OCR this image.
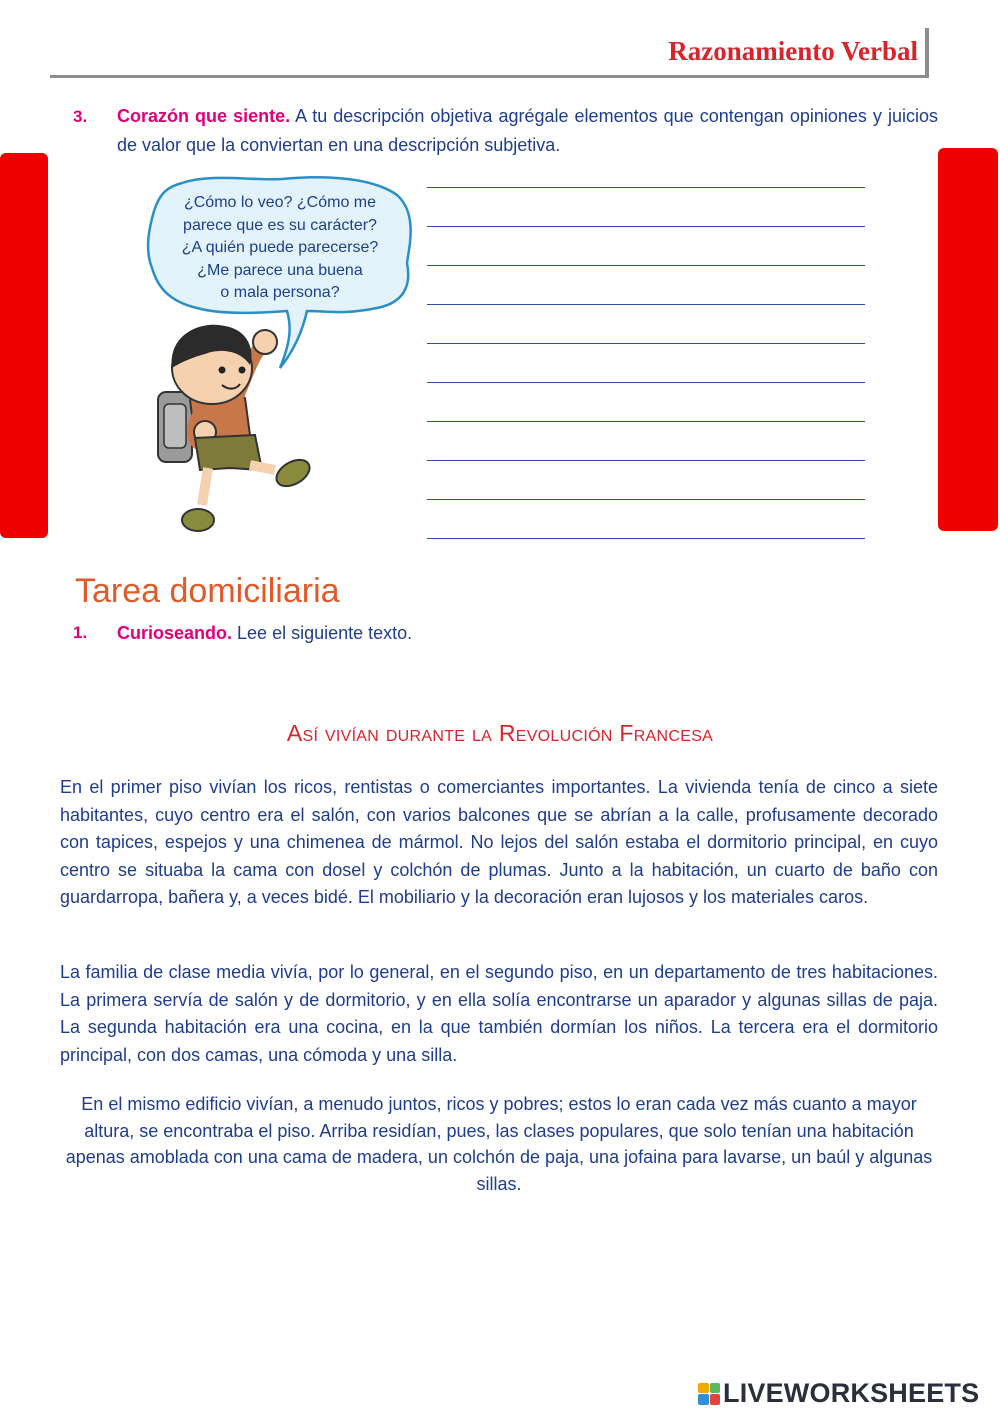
Razonamiento Verbal
3. Corazón que siente. A tu descripción objetiva agrégale elementos que contengan opiniones y juicios de valor que la conviertan en una descripción subjetiva.
¿Cómo lo veo? ¿Cómo me
parece que es su carácter?
¿A quién puede parecerse?
¿Me parece una buena
o mala persona?
Tarea domiciliaria
1. Curioseando. Lee el siguiente texto.
Así vivían durante la Revolución Francesa
En el primer piso vivían los ricos, rentistas o comerciantes importantes. La vivienda tenía de cinco a siete habitantes, cuyo centro era el salón, con varios balcones que se abrían a la calle, profusamente decorado con tapices, espejos y una chimenea de mármol. No lejos del salón estaba el dormitorio principal, en cuyo centro se situaba la cama con dosel y colchón de plumas. Junto a la habitación, un cuarto de baño con guardarropa, bañera y, a veces bidé. El mobiliario y la decoración eran lujosos y los materiales caros.
La familia de clase media vivía, por lo general, en el segundo piso, en un departamento de tres habitaciones. La primera servía de salón y de dormitorio, y en ella solía encontrarse un aparador y algunas sillas de paja. La segunda habitación era una cocina, en la que también dormían los niños. La tercera era el dormitorio principal, con dos camas, una cómoda y una silla.
En el mismo edificio vivían, a menudo juntos, ricos y pobres; estos lo eran cada vez más cuanto a mayor altura, se encontraba el piso. Arriba residían, pues, las clases populares, que solo tenían una habitación apenas amoblada con una cama de madera, un colchón de paja, una jofaina para lavarse, un baúl y algunas sillas.
LIVEWORKSHEETS
